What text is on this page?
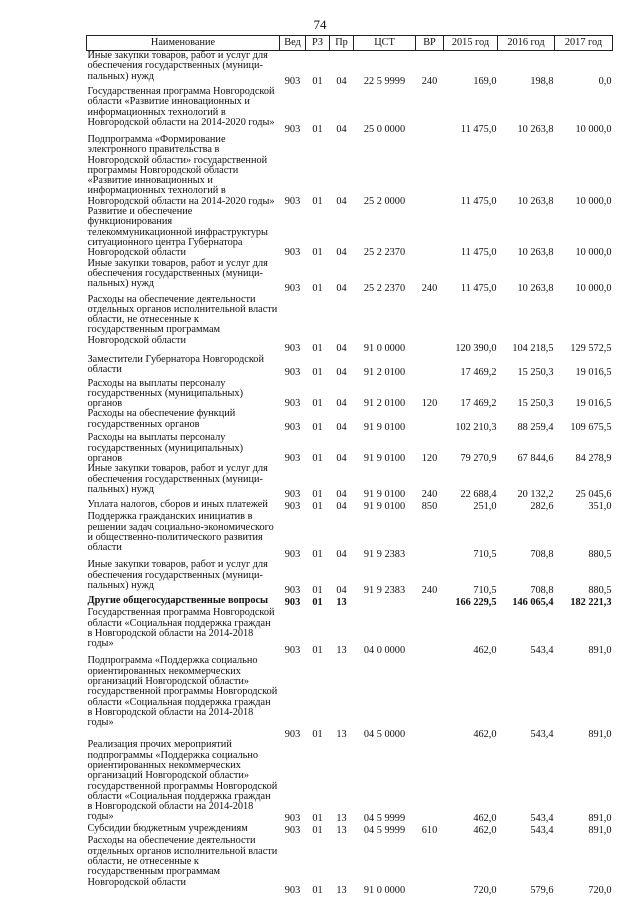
74
Наименование	Вед	РЗ	Пр	ЦСТ	ВР	2015 год	2016 год	2017 год
Иные закупки товаров, работ и услуг для обеспечения государственных (муници-пальных) нужд	903	01	04	22 5 9999	240	169,0	198,8	0,0
Государственная программа Новгородской области «Развитие инновационных и информационных технологий в Новгородской области на 2014-2020 годы»	903	01	04	25 0 0000		11 475,0	10 263,8	10 000,0
Подпрограмма «Формирование электронного правительства в Новгородской области» государственной программы Новгородской области «Развитие инновационных и информационных технологий в Новгородской области на 2014-2020 годы»	903	01	04	25 2 0000		11 475,0	10 263,8	10 000,0
Развитие и обеспечение функционирования телекоммуникационной инфраструктуры ситуационного центра Губернатора Новгородской области	903	01	04	25 2 2370		11 475,0	10 263,8	10 000,0
Иные закупки товаров, работ и услуг для обеспечения государственных (муници-пальных) нужд	903	01	04	25 2 2370	240	11 475,0	10 263,8	10 000,0
Расходы на обеспечение деятельности отдельных органов исполнительной власти области, не отнесенные к государственным программам Новгородской области	903	01	04	91 0 0000		120 390,0	104 218,5	129 572,5
Заместители Губернатора Новгородской области	903	01	04	91 2 0100		17 469,2	15 250,3	19 016,5
Расходы на выплаты персоналу государственных (муниципальных) органов	903	01	04	91 2 0100	120	17 469,2	15 250,3	19 016,5
Расходы на обеспечение функций государственных органов	903	01	04	91 9 0100		102 210,3	88 259,4	109 675,5
Расходы на выплаты персоналу государственных (муниципальных) органов	903	01	04	91 9 0100	120	79 270,9	67 844,6	84 278,9
Иные закупки товаров, работ и услуг для обеспечения государственных (муници-пальных) нужд	903	01	04	91 9 0100	240	22 688,4	20 132,2	25 045,6
Уплата налогов, сборов и иных платежей	903	01	04	91 9 0100	850	251,0	282,6	351,0
Поддержка гражданских инициатив в решении задач социально-экономического и общественно-политического развития области	903	01	04	91 9 2383		710,5	708,8	880,5
Иные закупки товаров, работ и услуг для обеспечения государственных (муници-пальных) нужд	903	01	04	91 9 2383	240	710,5	708,8	880,5
Другие общегосударственные вопросы	903	01	13			166 229,5	146 065,4	182 221,3
Государственная программа Новгородской области «Социальная поддержка граждан в Новгородской области на 2014-2018 годы»	903	01	13	04 0 0000		462,0	543,4	891,0
Подпрограмма «Поддержка социально ориентированных некоммерческих организаций Новгородской области» государственной программы Новгородской области «Социальная поддержка граждан в Новгородской области на 2014-2018 годы»	903	01	13	04 5 0000		462,0	543,4	891,0
Реализация прочих мероприятий подпрограммы «Поддержка социально ориентированных некоммерческих организаций Новгородской области» государственной программы Новгородской области «Социальная поддержка граждан в Новгородской области на 2014-2018 годы»	903	01	13	04 5 9999		462,0	543,4	891,0
Субсидии бюджетным учреждениям	903	01	13	04 5 9999	610	462,0	543,4	891,0
Расходы на обеспечение деятельности отдельных органов исполнительной власти области, не отнесенные к государственным программам Новгородской области	903	01	13	91 0 0000		720,0	579,6	720,0
